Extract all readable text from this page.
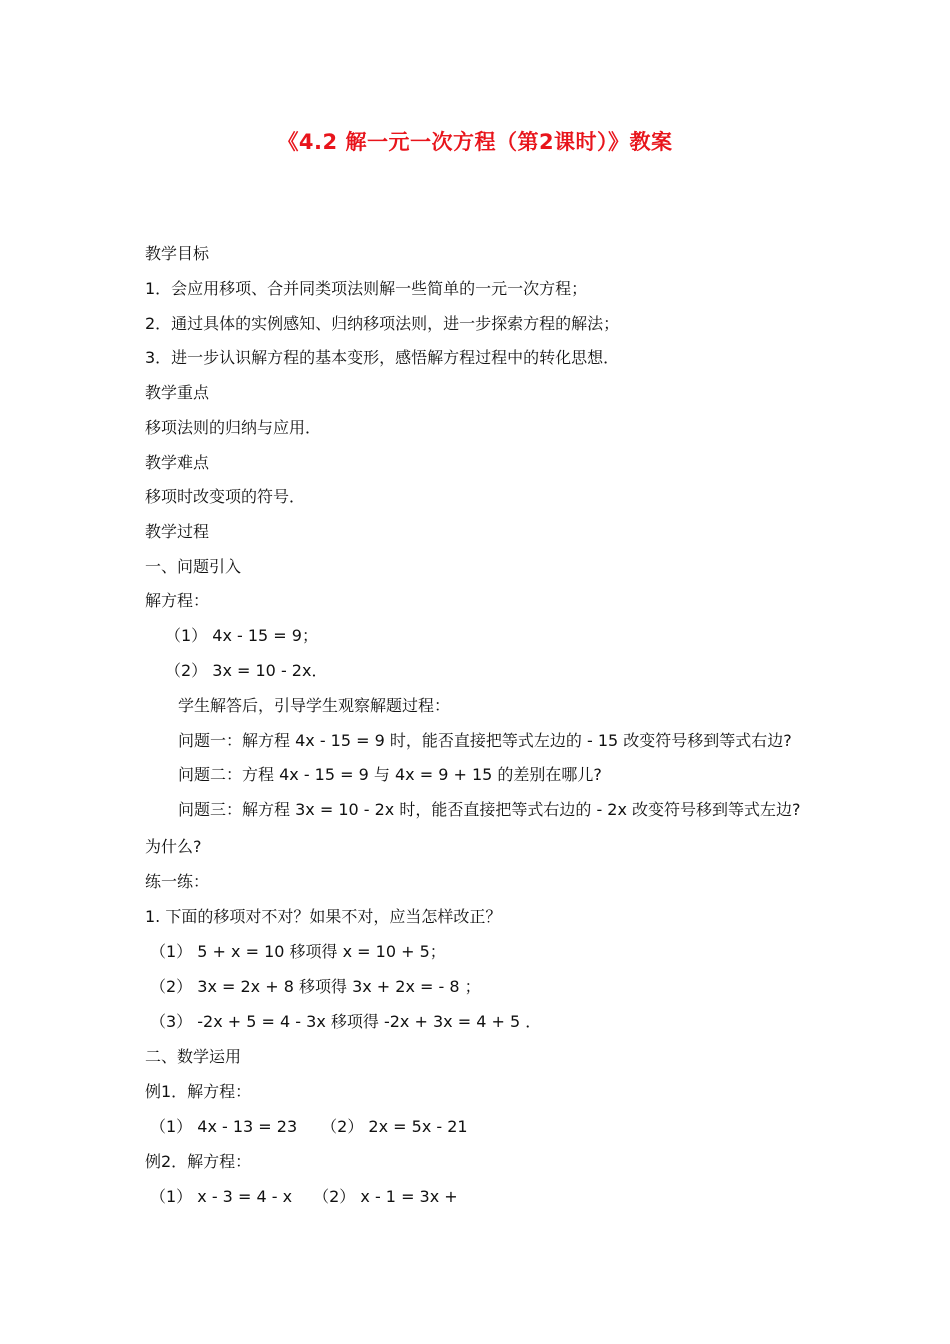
《4.2 解一元一次方程（第2课时）》教案
教学目标
1．会应用移项、合并同类项法则解一些简单的一元一次方程；
2．通过具体的实例感知、归纳移项法则，进一步探索方程的解法；
3．进一步认识解方程的基本变形，感悟解方程过程中的转化思想．
教学重点
移项法则的归纳与应用．
教学难点
移项时改变项的符号．
教学过程
一、问题引入
解方程：
（1） 4x - 15 = 9；
（2） 3x = 10 - 2x．
学生解答后，引导学生观察解题过程：
问题一：解方程 4x - 15 = 9 时，能否直接把等式左边的 - 15 改变符号移到等式右边?
问题二：方程 4x - 15 = 9 与 4x = 9 + 15 的差别在哪儿?
问题三：解方程 3x = 10 - 2x 时，能否直接把等式右边的 - 2x 改变符号移到等式左边?
为什么?
练一练：
1. 下面的移项对不对？如果不对，应当怎样改正？
（1） 5 + x = 10 移项得 x = 10 + 5；
（2） 3x = 2x + 8 移项得 3x + 2x = - 8 ；
（3） -2x + 5 = 4 - 3x 移项得 -2x + 3x = 4 + 5 ．
二、数学运用
例1．解方程：
（1） 4x - 13 = 23　　（2） 2x = 5x - 21
例2．解方程：
（1） x - 3 = 4 - x　 （2） x - 1 = 3x +
